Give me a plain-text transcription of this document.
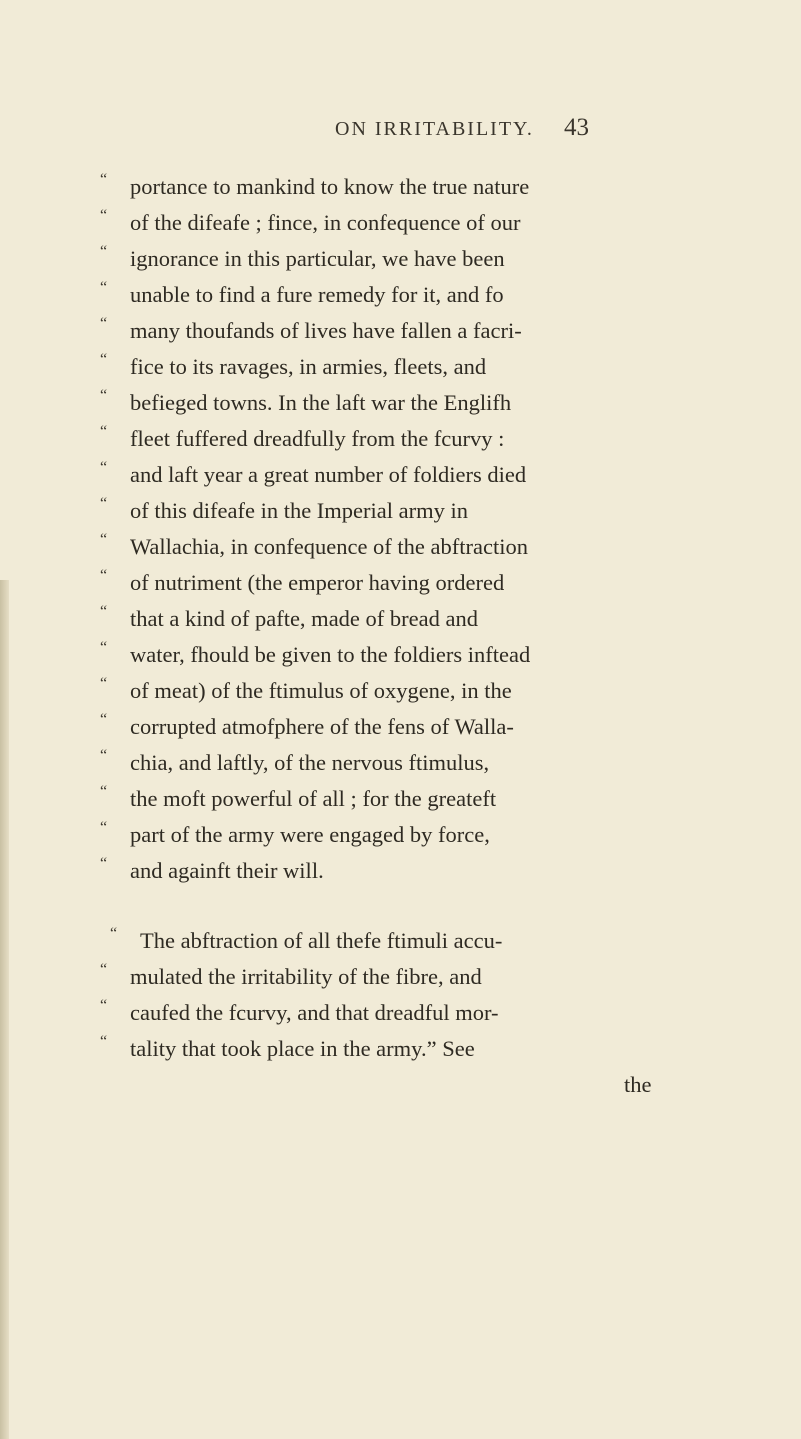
ON IRRITABILITY. 43
“	portance to mankind to know the true nature
“	of the difeafe ; fince, in confequence of our
“	ignorance in this particular, we have been
“	unable to find a fure remedy for it, and fo
“	many thoufands of lives have fallen a facri-
“	fice to its ravages, in armies, fleets, and
“	befieged towns. In the laft war the Englifh
“	fleet fuffered dreadfully from the fcurvy :
“	and laft year a great number of foldiers died
“	of this difeafe in the Imperial army in
“	Wallachia, in confequence of the abftraction
“	of nutriment (the emperor having ordered
“	that a kind of pafte, made of bread and
“	water, fhould be given to the foldiers inftead
“	of meat) of the ftimulus of oxygene, in the
“	corrupted atmofphere of the fens of Walla-
“	chia, and laftly, of the nervous ftimulus,
“	the moft powerful of all ; for the greateft
“	part of the army were engaged by force,
“	and againft their will.
“	The abftraction of all thefe ftimuli accu-
“	mulated the irritability of the fibre, and
“	caufed the fcurvy, and that dreadful mor-
“	tality that took place in the army.” See
the
